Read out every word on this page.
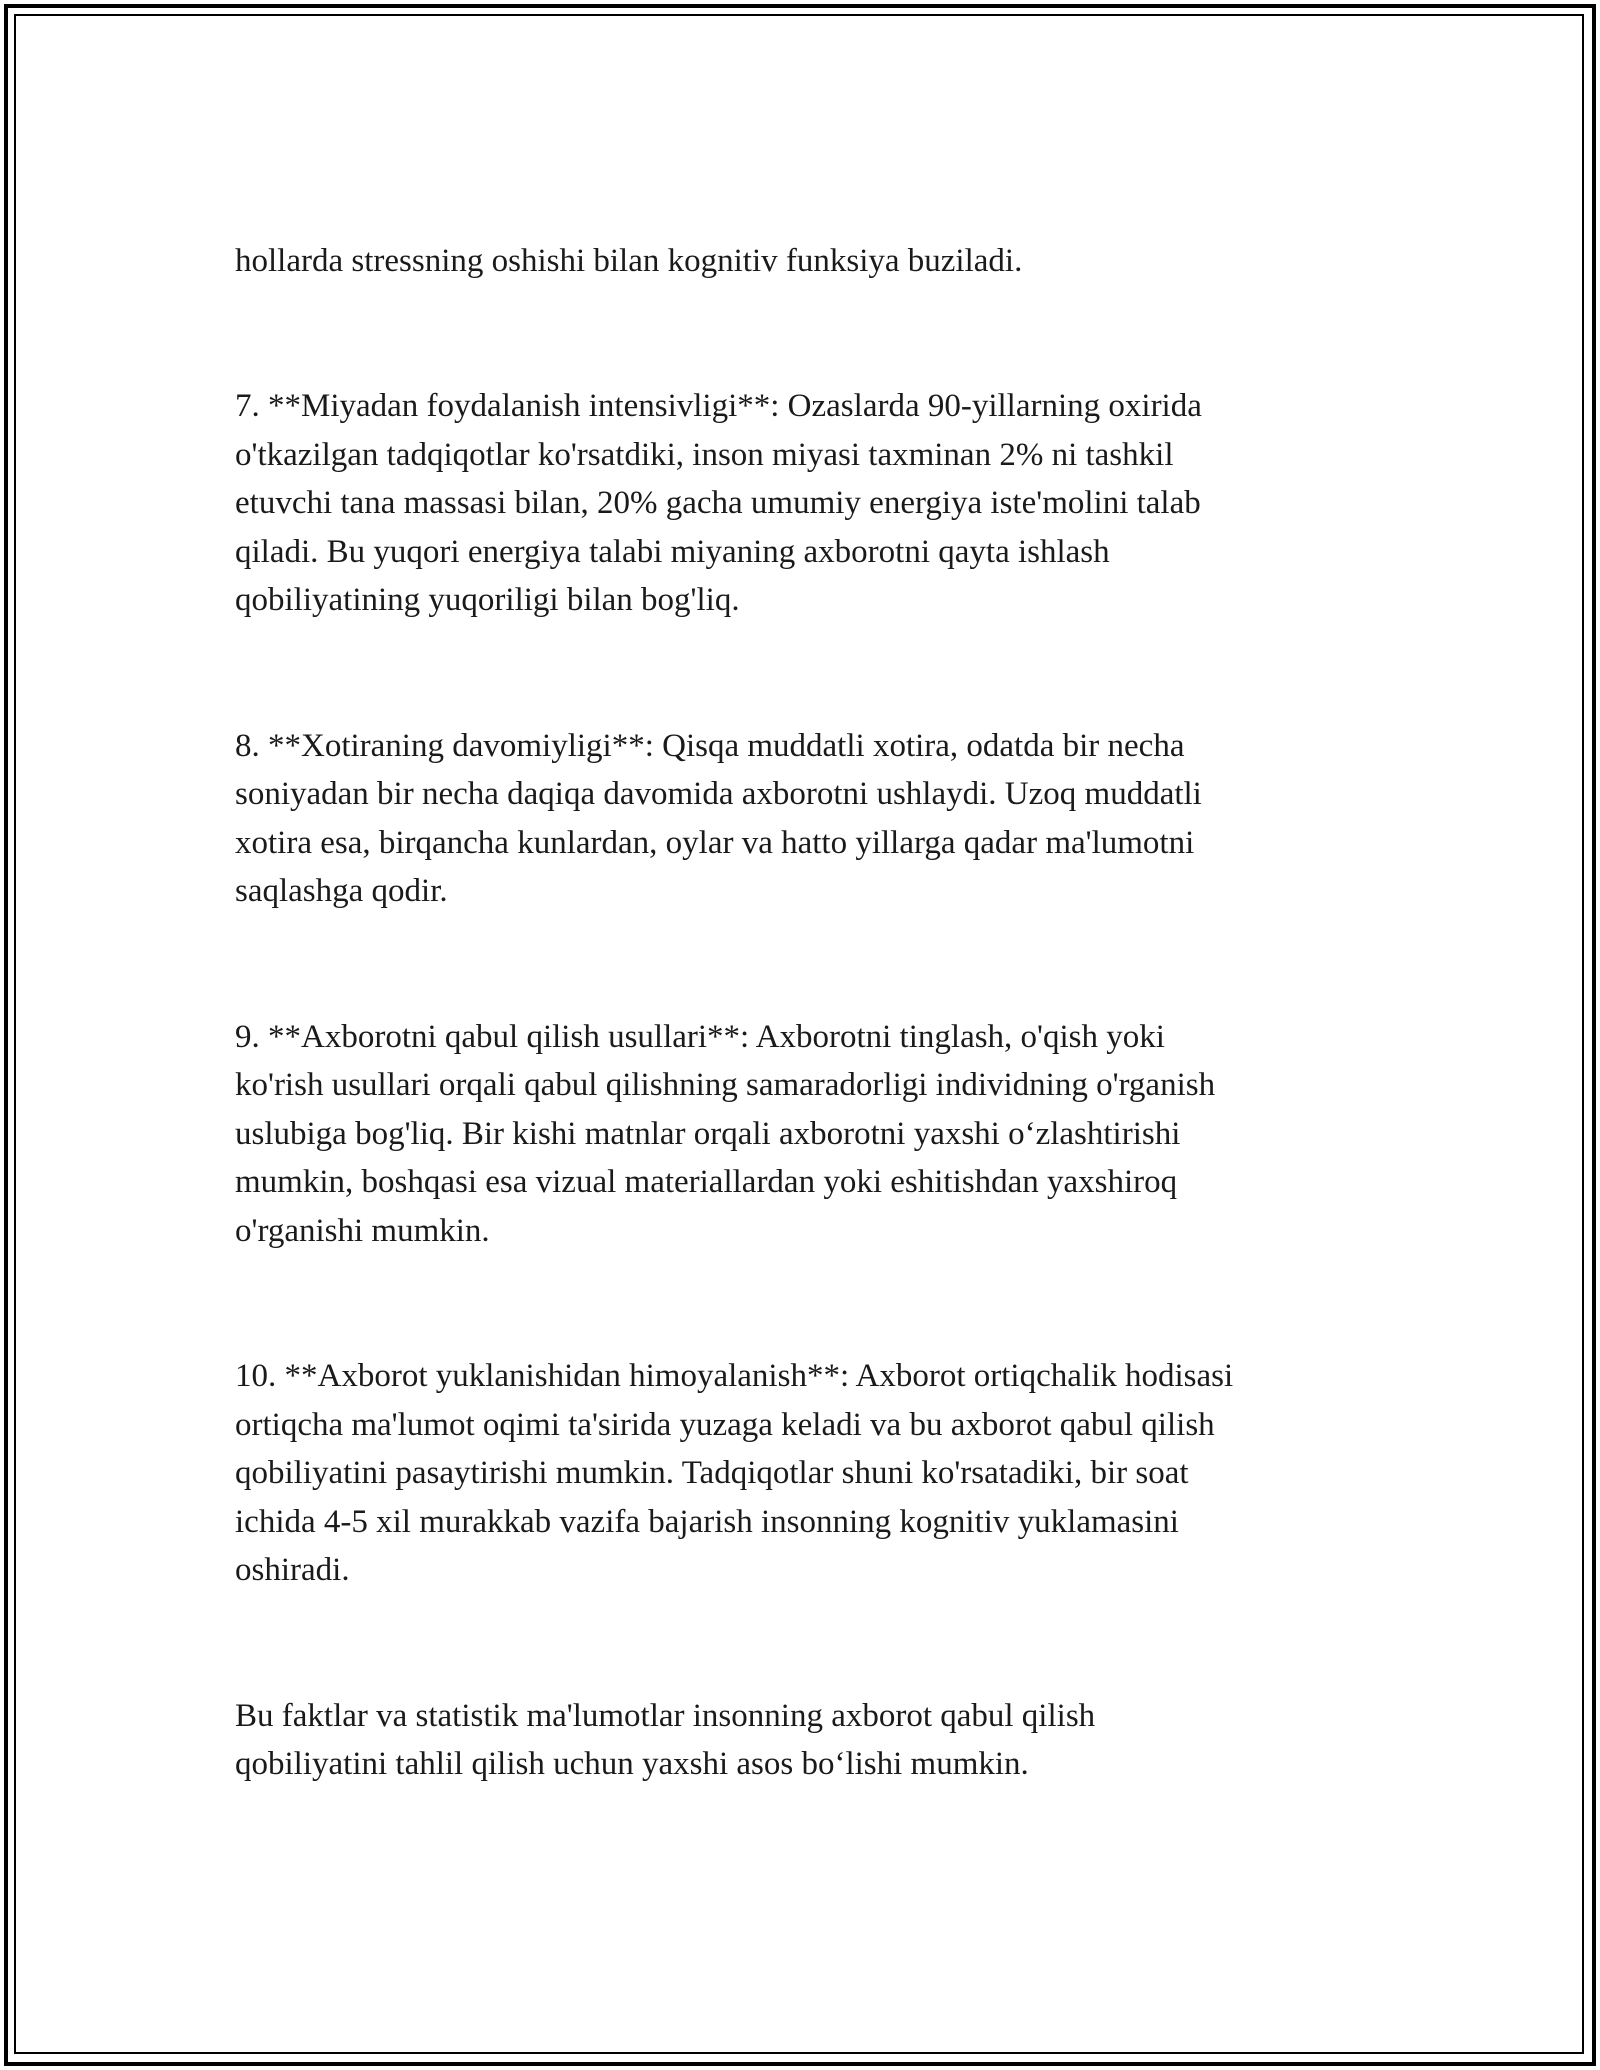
hollarda stressning oshishi bilan kognitiv funksiya buziladi.

7. **Miyadan foydalanish intensivligi**: Ozaslarda 90-yillarning oxirida
o'tkazilgan tadqiqotlar ko'rsatdiki, inson miyasi taxminan 2% ni tashkil
etuvchi tana massasi bilan, 20% gacha umumiy energiya iste'molini talab
qiladi. Bu yuqori energiya talabi miyaning axborotni qayta ishlash
qobiliyatining yuqoriligi bilan bog'liq.

8. **Xotiraning davomiyligi**: Qisqa muddatli xotira, odatda bir necha
soniyadan bir necha daqiqa davomida axborotni ushlaydi. Uzoq muddatli
xotira esa, birqancha kunlardan, oylar va hatto yillarga qadar ma'lumotni
saqlashga qodir.

9. **Axborotni qabul qilish usullari**: Axborotni tinglash, o'qish yoki
ko'rish usullari orqali qabul qilishning samaradorligi individning o'rganish
uslubiga bog'liq. Bir kishi matnlar orqali axborotni yaxshi o‘zlashtirishi
mumkin, boshqasi esa vizual materiallardan yoki eshitishdan yaxshiroq
o'rganishi mumkin.

10. **Axborot yuklanishidan himoyalanish**: Axborot ortiqchalik hodisasi
ortiqcha ma'lumot oqimi ta'sirida yuzaga keladi va bu axborot qabul qilish
qobiliyatini pasaytirishi mumkin. Tadqiqotlar shuni ko'rsatadiki, bir soat
ichida 4-5 xil murakkab vazifa bajarish insonning kognitiv yuklamasini
oshiradi.

Bu faktlar va statistik ma'lumotlar insonning axborot qabul qilish
qobiliyatini tahlil qilish uchun yaxshi asos bo‘lishi mumkin.
